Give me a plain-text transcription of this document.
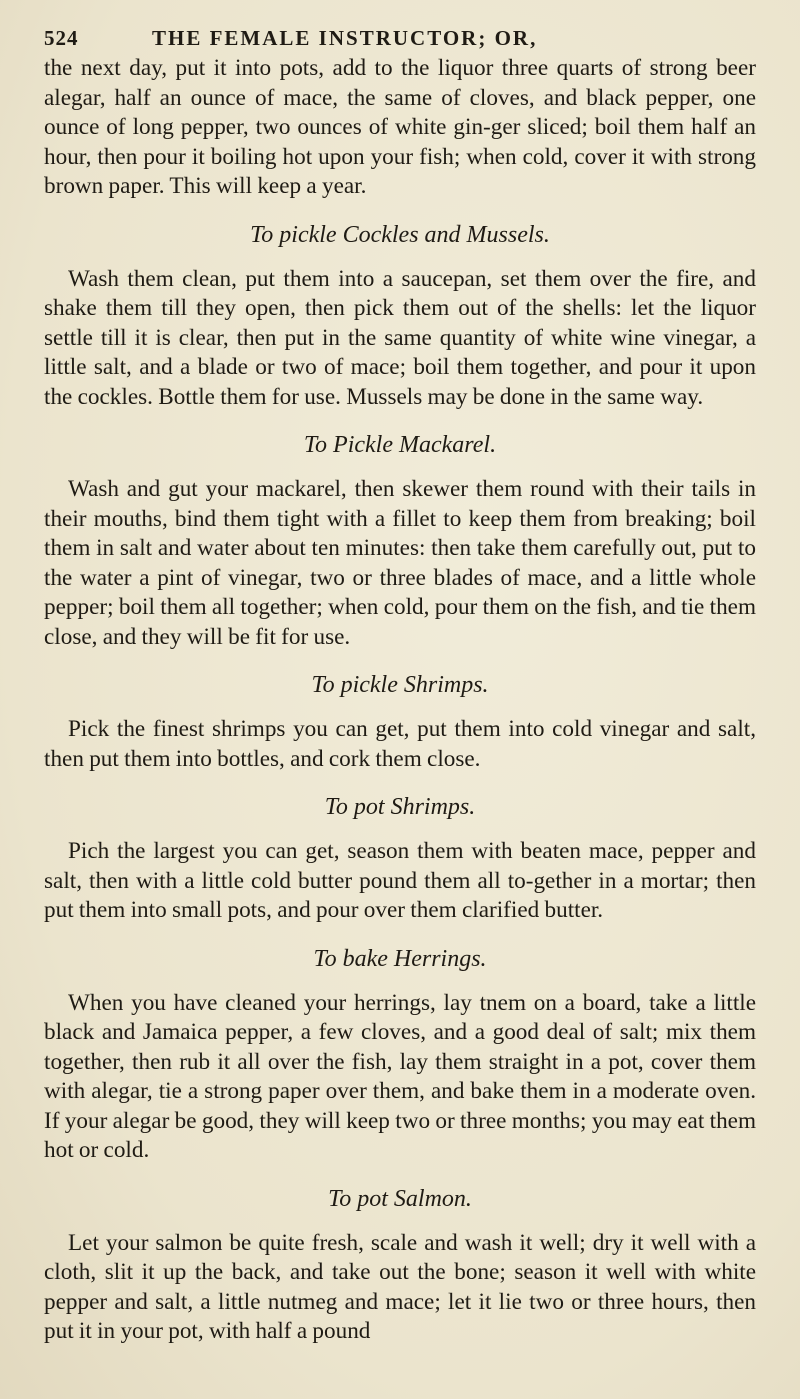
524	THE FEMALE INSTRUCTOR; OR,

the next day, put it into pots, add to the liquor three quarts of strong beer alegar, half an ounce of mace, the same of cloves, and black pepper, one ounce of long pepper, two ounces of white gin-ger sliced; boil them half an hour, then pour it boiling hot upon your fish; when cold, cover it with strong brown paper. This will keep a year.

To pickle Cockles and Mussels.

Wash them clean, put them into a saucepan, set them over the fire, and shake them till they open, then pick them out of the shells: let the liquor settle till it is clear, then put in the same quantity of white wine vinegar, a little salt, and a blade or two of mace; boil them together, and pour it upon the cockles. Bottle them for use. Mussels may be done in the same way.

To Pickle Mackarel.

Wash and gut your mackarel, then skewer them round with their tails in their mouths, bind them tight with a fillet to keep them from breaking; boil them in salt and water about ten minutes: then take them carefully out, put to the water a pint of vinegar, two or three blades of mace, and a little whole pepper; boil them all together; when cold, pour them on the fish, and tie them close, and they will be fit for use.

To pickle Shrimps.

Pick the finest shrimps you can get, put them into cold vinegar and salt, then put them into bottles, and cork them close.

To pot Shrimps.

Pich the largest you can get, season them with beaten mace, pepper and salt, then with a little cold butter pound them all to-gether in a mortar; then put them into small pots, and pour over them clarified butter.

To bake Herrings.

When you have cleaned your herrings, lay tnem on a board, take a little black and Jamaica pepper, a few cloves, and a good deal of salt; mix them together, then rub it all over the fish, lay them straight in a pot, cover them with alegar, tie a strong paper over them, and bake them in a moderate oven. If your alegar be good, they will keep two or three months; you may eat them hot or cold.

To pot Salmon.

Let your salmon be quite fresh, scale and wash it well; dry it well with a cloth, slit it up the back, and take out the bone; season it well with white pepper and salt, a little nutmeg and mace; let it lie two or three hours, then put it in your pot, with half a pound
